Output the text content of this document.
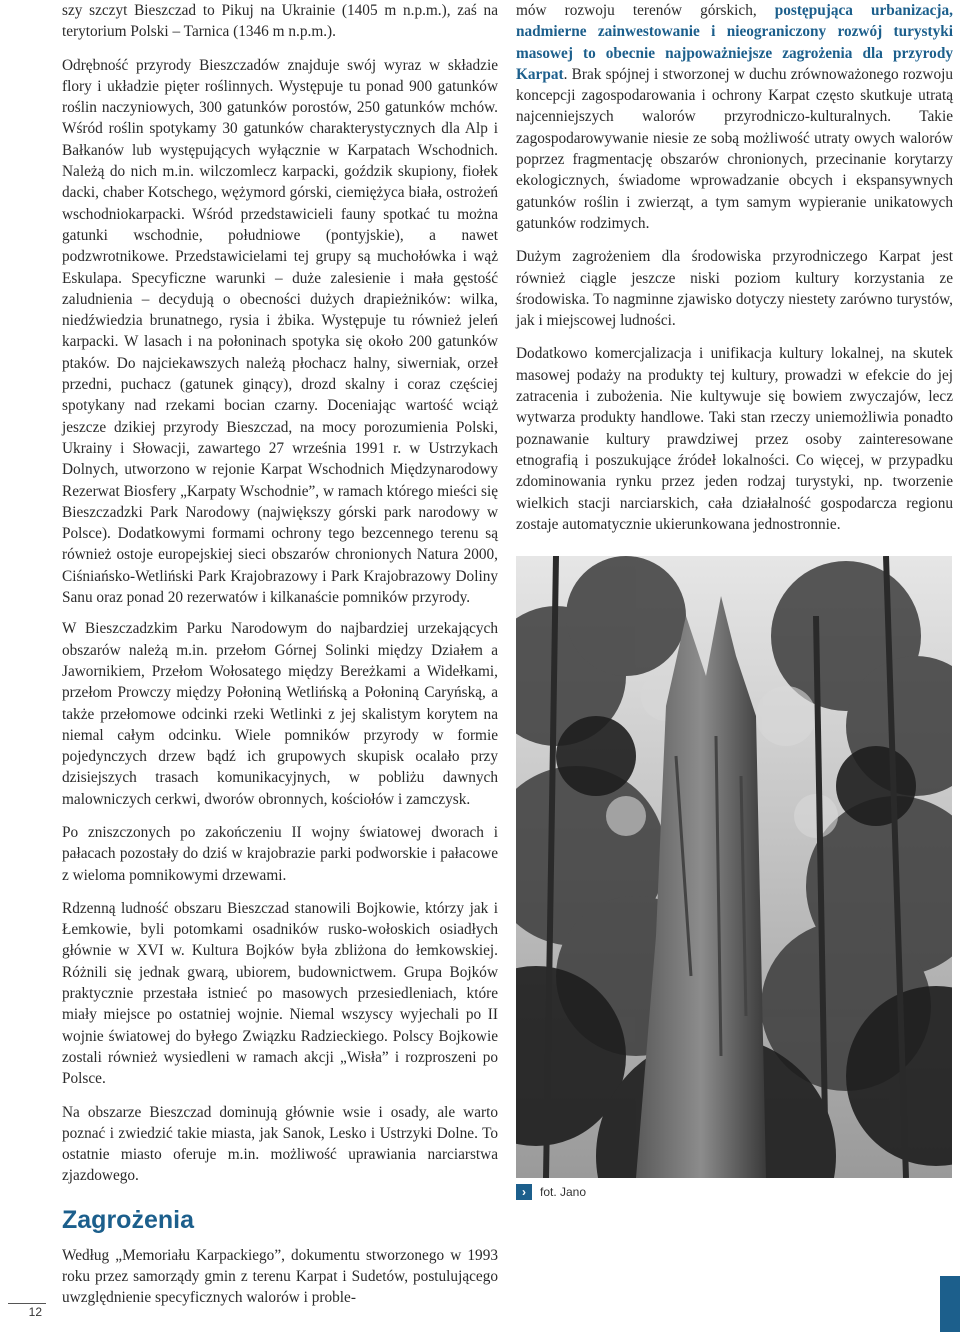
szy szczyt Bieszczad to Pikuj na Ukrainie (1405 m n.p.m.), zaś na terytorium Polski – Tarnica (1346 m n.p.m.).

Odrębność przyrody Bieszczadów znajduje swój wyraz w składzie flory i układzie pięter roślinnych. Występuje tu ponad 900 gatunków roślin naczyniowych, 300 gatunków porostów, 250 gatunków mchów. Wśród roślin spotykamy 30 gatunków charakterystycznych dla Alp i Bałkanów lub występujących wyłącznie w Karpatach Wschodnich. Należą do nich m.in. wilczomlecz karpacki, goździk skupiony, fiołek dacki, chaber Kotschego, wężymord górski, ciemiężyca biała, ostrożeń wschodniokarpacki. Wśród przedstawicieli fauny spotkać tu można gatunki wschodnie, południowe (pontyjskie), a nawet podzwrotnikowe. Przedstawicielami tej grupy są muchołówka i wąż Eskulapa. Specyficzne warunki – duże zalesienie i mała gęstość zaludnienia – decydują o obecności dużych drapieżników: wilka, niedźwiedzia brunatnego, rysia i żbika. Występuje tu również jeleń karpacki. W lasach i na połoninach spotyka się około 200 gatunków ptaków. Do najciekawszych należą płochacz halny, siwerniak, orzeł przedni, puchacz (gatunek ginący), drozd skalny i coraz częściej spotykany nad rzekami bocian czarny. Doceniając wartość wciąż jeszcze dzikiej przyrody Bieszczad, na mocy porozumienia Polski, Ukrainy i Słowacji, zawartego 27 września 1991 r. w Ustrzykach Dolnych, utworzono w rejonie Karpat Wschodnich Międzynarodowy Rezerwat Biosfery „Karpaty Wschodnie”, w ramach którego mieści się Bieszczadzki Park Narodowy (największy górski park narodowy w Polsce). Dodatkowymi formami ochrony tego bezcennego terenu są również ostoje europejskiej sieci obszarów chronionych Natura 2000, Ciśniańsko-Wetliński Park Krajobrazowy i Park Krajobrazowy Doliny Sanu oraz ponad 20 rezerwatów i kilkanaście pomników przyrody.

W Bieszczadzkim Parku Narodowym do najbardziej urzekających obszarów należą m.in. przełom Górnej Solinki między Działem a Jawornikiem, Przełom Wołosatego między Bereżkami a Widełkami, przełom Prowczy między Połoniną Wetlińską a Połoniną Caryńską, a także przełomowe odcinki rzeki Wetlinki z jej skalistym korytem na niemal całym odcinku. Wiele pomników przyrody w formie pojedynczych drzew bądź ich grupowych skupisk ocalało przy dzisiejszych trasach komunikacyjnych, w pobliżu dawnych malowniczych cerkwi, dworów obronnych, kościołów i zamczysk.

Po zniszczonych po zakończeniu II wojny światowej dworach i pałacach pozostały do dziś w krajobrazie parki podworskie i pałacowe z wieloma pomnikowymi drzewami.

Rdzenną ludność obszaru Bieszczad stanowili Bojkowie, którzy jak i Łemkowie, byli potomkami osadników rusko-wołoskich osiadłych głównie w XVI w. Kultura Bojków była zbliżona do łemkowskiej. Różnili się jednak gwarą, ubiorem, budownictwem. Grupa Bojków praktycznie przestała istnieć po masowych przesiedleniach, które miały miejsce po ostatniej wojnie. Niemal wszyscy wyjechali po II wojnie światowej do byłego Związku Radzieckiego. Polscy Bojkowie zostali również wysiedleni w ramach akcji „Wisła” i rozproszeni po Polsce.

Na obszarze Bieszczad dominują głównie wsie i osady, ale warto poznać i zwiedzić takie miasta, jak Sanok, Lesko i Ustrzyki Dolne. To ostatnie miasto oferuje m.in. możliwość uprawiania narciarstwa zjazdowego.

Zagrożenia

Według „Memoriału Karpackiego”, dokumentu stworzonego w 1993 roku przez samorządy gmin z terenu Karpat i Sudetów, postulującego uwzględnienie specyficznych walorów i proble-

mów rozwoju terenów górskich, postępująca urbanizacja, nadmierne zainwestowanie i nieograniczony rozwój turystyki masowej to obecnie najpoważniejsze zagrożenia dla przyrody Karpat. Brak spójnej i stworzonej w duchu zrównoważonego rozwoju koncepcji zagospodarowania i ochrony Karpat często skutkuje utratą najcenniejszych walorów przyrodniczo-kulturalnych. Takie zagospodarowywanie niesie ze sobą możliwość utraty owych walorów poprzez fragmentację obszarów chronionych, przecinanie korytarzy ekologicznych, świadome wprowadzanie obcych i ekspansywnych gatunków roślin i zwierząt, a tym samym wypieranie unikatowych gatunków rodzimych.

Dużym zagrożeniem dla środowiska przyrodniczego Karpat jest również ciągle jeszcze niski poziom kultury korzystania ze środowiska. To nagminne zjawisko dotyczy niestety zarówno turystów, jak i miejscowej ludności.

Dodatkowo komercjalizacja i unifikacja kultury lokalnej, na skutek masowej podaży na produkty tej kultury, prowadzi w efekcie do jej zatracenia i zubożenia. Nie kultywuje się bowiem zwyczajów, lecz wytwarza produkty handlowe. Taki stan rzeczy uniemożliwia ponadto poznawanie kultury prawdziwej przez osoby zainteresowane etnografią i poszukujące źródeł lokalności. Co więcej, w przypadku zdominowania rynku przez jeden rodzaj turystyki, np. tworzenie wielkich stacji narciarskich, cała działalność gospodarcza regionu zostaje automatycznie ukierunkowana jednostronnie.

›	fot. Jano
12
